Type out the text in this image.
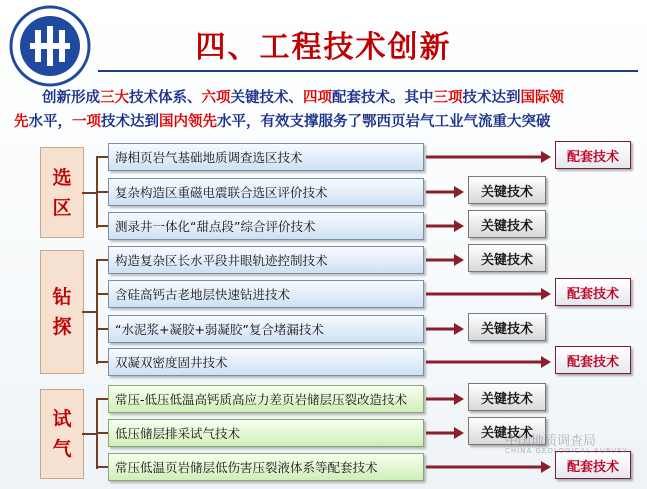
四、工程技术创新
创新形成三大技术体系、六项关键技术、四项配套技术。其中三项技术达到国际领
先水平，一项技术达到国内领先水平，有效支撑服务了鄂西页岩气工业气流重大突破
选
区
钻
探
试
气
海相页岩气基础地质调查选区技术	配套技术
复杂构造区重磁电震联合选区评价技术	关键技术
测录井一体化“甜点段”综合评价技术	关键技术
构造复杂区长水平段井眼轨迹控制技术	关键技术
含硅高钙古老地层快速钻进技术	配套技术
“水泥浆+凝胶+弱凝胶”复合堵漏技术	关键技术
双凝双密度固井技术	配套技术
常压-低压低温高钙质高应力差页岩储层压裂改造技术	关键技术
低压储层排采试气技术	关键技术
常压低温页岩储层低伤害压裂液体系等配套技术	配套技术
中国地质调查局
CHINA GEOLOGICAL SURVEY
